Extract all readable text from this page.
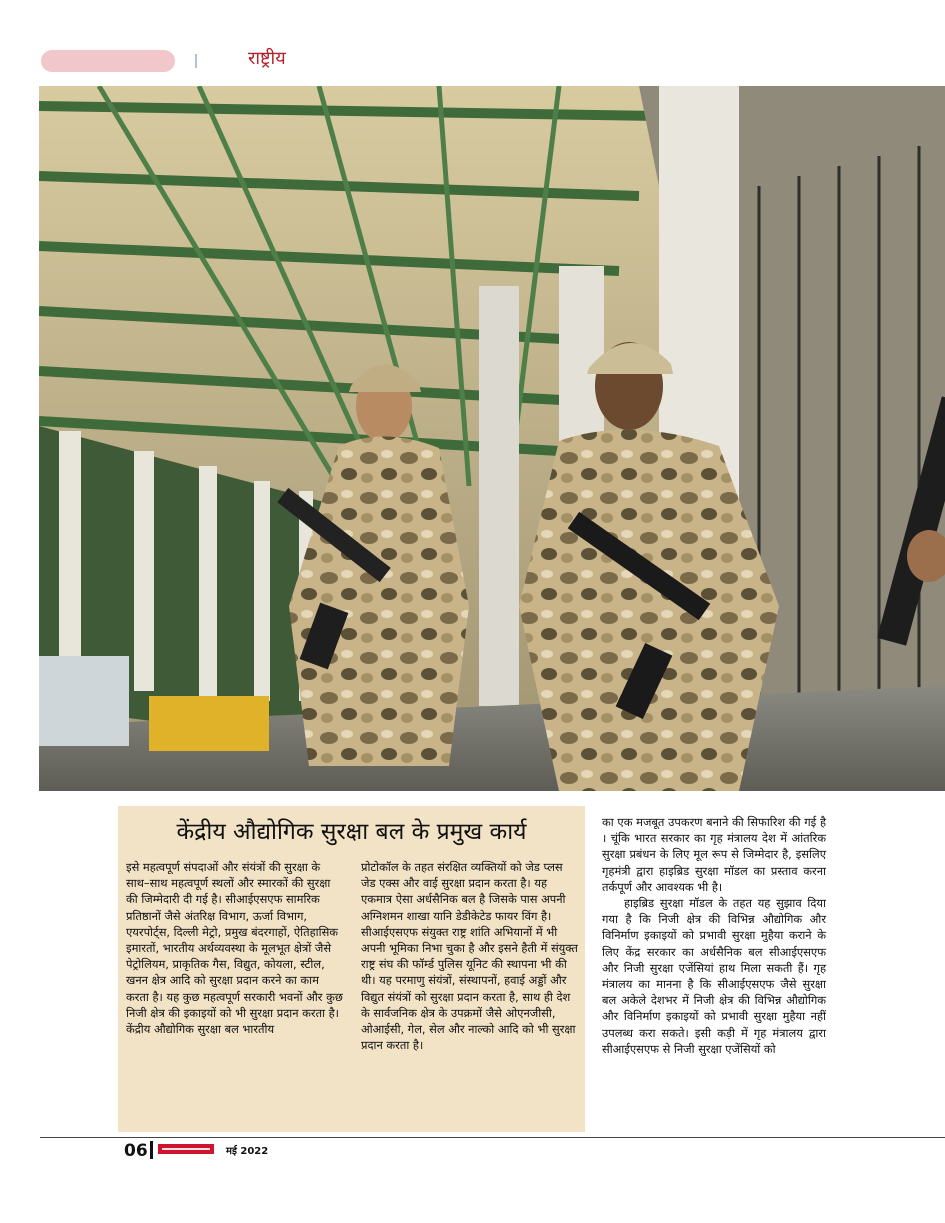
राष्ट्रीय
केंद्रीय औद्योगिक सुरक्षा बल के प्रमुख कार्य

इसे महत्वपूर्ण संपदाओं और संयंत्रों की सुरक्षा के साथ–साथ महत्वपूर्ण स्थलों और स्मारकों की सुरक्षा की जिम्मेदारी दी गई है। सीआईएसएफ सामरिक प्रतिष्ठानों जैसे अंतरिक्ष विभाग, ऊर्जा विभाग, एयरपोर्ट्स, दिल्ली मेट्रो, प्रमुख बंदरगाहों, ऐतिहासिक इमारतों, भारतीय अर्थव्यवस्था के मूलभूत क्षेत्रों जैसे पेट्रोलियम, प्राकृतिक गैस, विद्युत, कोयला, स्टील, खनन क्षेत्र आदि को सुरक्षा प्रदान करने का काम करता है। यह कुछ महत्वपूर्ण सरकारी भवनों और कुछ निजी क्षेत्र की इकाइयों को भी सुरक्षा प्रदान करता है। केंद्रीय औद्योगिक सुरक्षा बल भारतीय

प्रोटोकॉल के तहत संरक्षित व्यक्तियों को जेड प्लस जेड एक्स और वाई सुरक्षा प्रदान करता है। यह एकमात्र ऐसा अर्धसैनिक बल है जिसके पास अपनी अग्निशमन शाखा यानि डेडीकेटेड फायर विंग है। सीआईएसएफ संयुक्त राष्ट्र शांति अभियानों में भी अपनी भूमिका निभा चुका है और इसने हैती में संयुक्त राष्ट्र संघ की फॉर्म्ड पुलिस यूनिट की स्थापना भी की थी। यह परमाणु संयंत्रों, संस्थापनों, हवाई अड्डों और विद्युत संयंत्रों को सुरक्षा प्रदान करता है, साथ ही देश के सार्वजनिक क्षेत्र के उपक्रमों जैसे ओएनजीसी, ओआईसी, गेल, सेल और नाल्को आदि को भी सुरक्षा प्रदान करता है।

का एक मजबूत उपकरण बनाने की सिफारिश की गई है । चूंकि भारत सरकार का गृह मंत्रालय देश में आंतरिक सुरक्षा प्रबंधन के लिए मूल रूप से जिम्मेदार है, इसलिए गृहमंत्री द्वारा हाइब्रिड सुरक्षा मॉडल का प्रस्ताव करना तर्कपूर्ण और आवश्यक भी है।

हाइब्रिड सुरक्षा मॉडल के तहत यह सुझाव दिया गया है कि निजी क्षेत्र की विभिन्न औद्योगिक और विनिर्माण इकाइयों को प्रभावी सुरक्षा मुहैया कराने के लिए केंद्र सरकार का अर्धसैनिक बल सीआईएसएफ और निजी सुरक्षा एजेंसियां हाथ मिला सकती हैं। गृह मंत्रालय का मानना है कि सीआईएसएफ जैसे सुरक्षा बल अकेले देशभर में निजी क्षेत्र की विभिन्न औद्योगिक और विनिर्माण इकाइयों को प्रभावी सुरक्षा मुहैया नहीं उपलब्ध करा सकते। इसी कड़ी में गृह मंत्रालय द्वारा सीआईएसएफ से निजी सुरक्षा एजेंसियों को

06	मई 2022
